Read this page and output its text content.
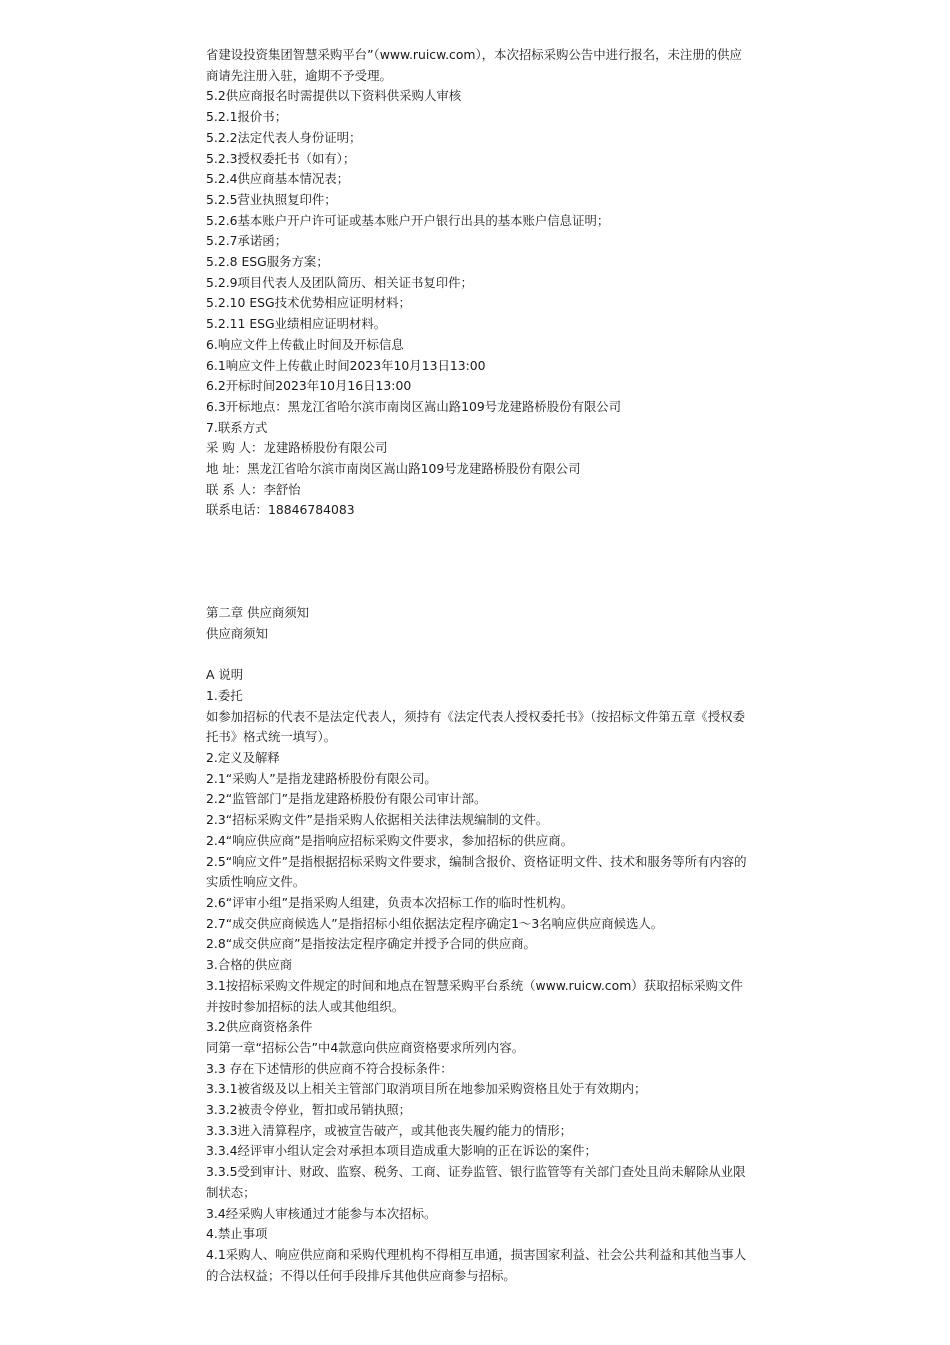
省建设投资集团智慧采购平台”（www.ruicw.com），本次招标采购公告中进行报名，未注册的供应商请先注册入驻，逾期不予受理。
5.2供应商报名时需提供以下资料供采购人审核
5.2.1报价书；
5.2.2法定代表人身份证明；
5.2.3授权委托书（如有）；
5.2.4供应商基本情况表；
5.2.5营业执照复印件；
5.2.6基本账户开户许可证或基本账户开户银行出具的基本账户信息证明；
5.2.7承诺函；
5.2.8 ESG服务方案；
5.2.9项目代表人及团队简历、相关证书复印件；
5.2.10 ESG技术优势相应证明材料；
5.2.11 ESG业绩相应证明材料。
6.响应文件上传截止时间及开标信息
6.1响应文件上传截止时间2023年10月13日13:00
6.2开标时间2023年10月16日13:00
6.3开标地点：黑龙江省哈尔滨市南岗区嵩山路109号龙建路桥股份有限公司
7.联系方式
采 购 人：龙建路桥股份有限公司
地 址：黑龙江省哈尔滨市南岗区嵩山路109号龙建路桥股份有限公司
联 系 人：李舒怡
联系电话：18846784083
第二章 供应商须知
供应商须知
A 说明
1.委托
如参加招标的代表不是法定代表人，须持有《法定代表人授权委托书》（按招标文件第五章《授权委托书》格式统一填写）。
2.定义及解释
2.1“采购人”是指龙建路桥股份有限公司。
2.2“监管部门”是指龙建路桥股份有限公司审计部。
2.3“招标采购文件”是指采购人依据相关法律法规编制的文件。
2.4“响应供应商”是指响应招标采购文件要求，参加招标的供应商。
2.5“响应文件”是指根据招标采购文件要求，编制含报价、资格证明文件、技术和服务等所有内容的实质性响应文件。
2.6“评审小组”是指采购人组建，负责本次招标工作的临时性机构。
2.7“成交供应商候选人”是指招标小组依据法定程序确定1～3名响应供应商候选人。
2.8“成交供应商”是指按法定程序确定并授予合同的供应商。
3.合格的供应商
3.1按招标采购文件规定的时间和地点在智慧采购平台系统（www.ruicw.com）获取招标采购文件并按时参加招标的法人或其他组织。
3.2供应商资格条件
同第一章“招标公告”中4款意向供应商资格要求所列内容。
3.3 存在下述情形的供应商不符合投标条件：
3.3.1被省级及以上相关主管部门取消项目所在地参加采购资格且处于有效期内；
3.3.2被责令停业，暂扣或吊销执照；
3.3.3进入清算程序，或被宣告破产，或其他丧失履约能力的情形；
3.3.4经评审小组认定会对承担本项目造成重大影响的正在诉讼的案件；
3.3.5受到审计、财政、监察、税务、工商、证券监管、银行监管等有关部门查处且尚未解除从业限制状态；
3.4经采购人审核通过才能参与本次招标。
4.禁止事项
4.1采购人、响应供应商和采购代理机构不得相互串通，损害国家利益、社会公共利益和其他当事人的合法权益；不得以任何手段排斥其他供应商参与招标。
